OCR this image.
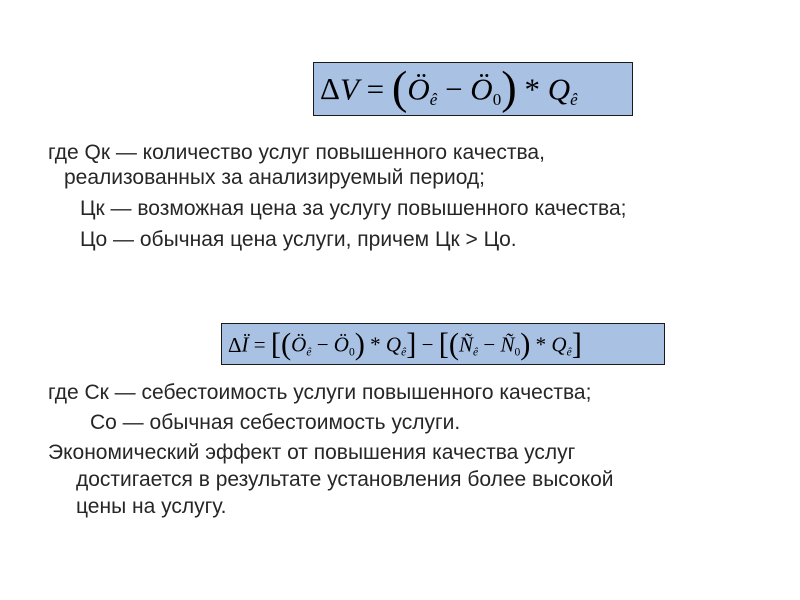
$\Delta V = (Ö_ê$ − $Ö_0) * Q_ê$
где Qк — количество услуг повышенного качества,
реализованных за анализируемый период;
Цк — возможная цена за услугу повышенного качества;
Цо — обычная цена услуги, причем Цк > Цо.
ΔÏ = [($Ö_ê$ − $Ö_0) * Q_ê$] − [($Ñ_ê$ − $Ñ_0) * Q_ê$]
где Ск — себестоимость услуги повышенного качества;
Со — обычная себестоимость услуги.
Экономический эффект от повышения качества услуг
достигается в результате установления более высокой
цены на услугу.
